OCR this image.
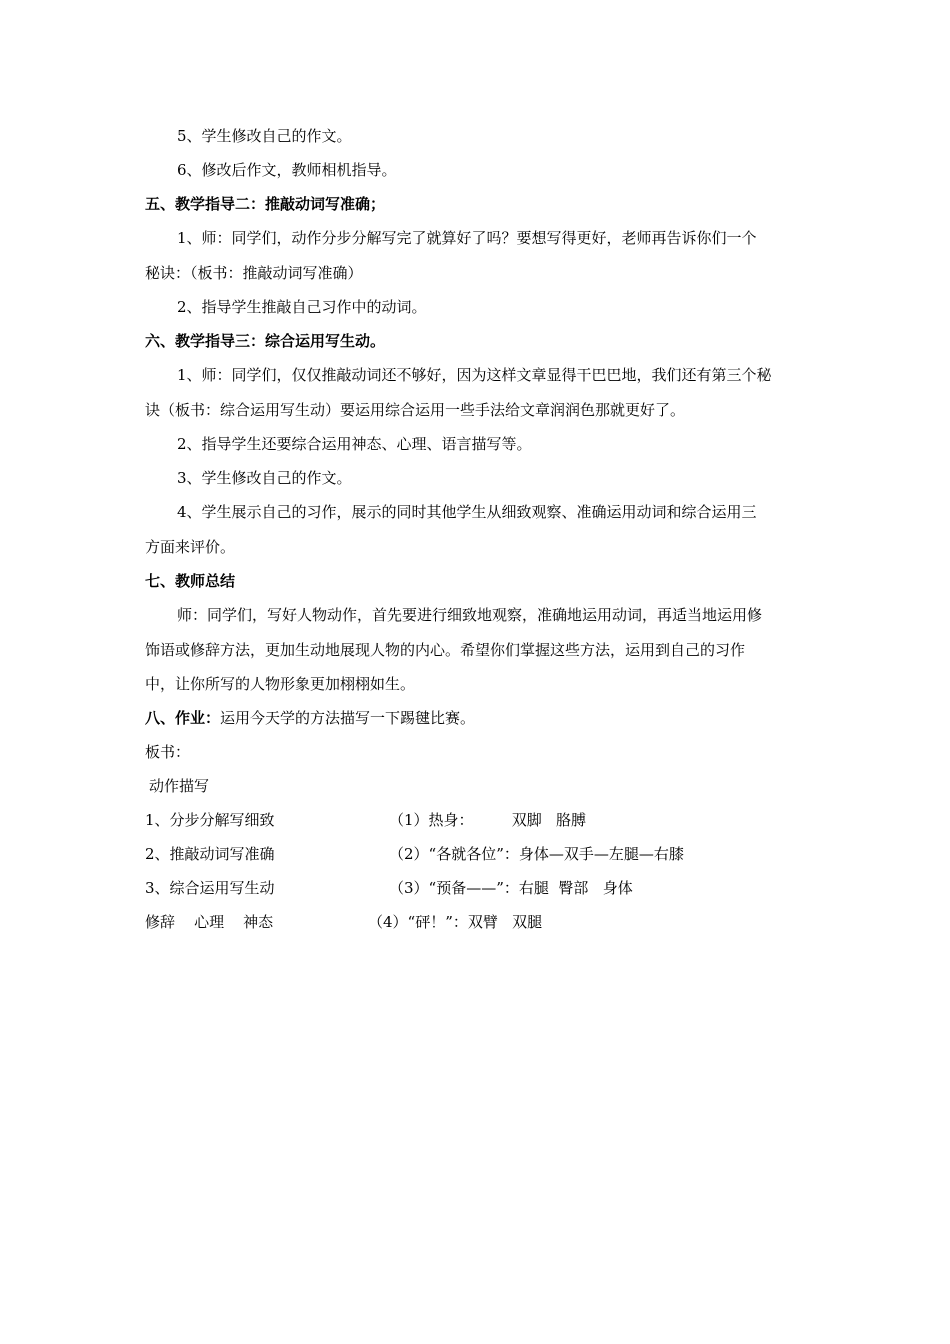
5、学生修改自己的作文。
6、修改后作文，教师相机指导。
五、教学指导二：推敲动词写准确；
1、师：同学们，动作分步分解写完了就算好了吗？要想写得更好，老师再告诉你们一个
秘诀：（板书：推敲动词写准确）
2、指导学生推敲自己习作中的动词。
六、教学指导三：综合运用写生动。
1、师：同学们，仅仅推敲动词还不够好，因为这样文章显得干巴巴地，我们还有第三个秘
诀（板书：综合运用写生动）要运用综合运用一些手法给文章润润色那就更好了。
2、指导学生还要综合运用神态、心理、语言描写等。
3、学生修改自己的作文。
4、学生展示自己的习作，展示的同时其他学生从细致观察、准确运用动词和综合运用三
方面来评价。
七、教师总结
师：同学们，写好人物动作，首先要进行细致地观察，准确地运用动词，再适当地运用修
饰语或修辞方法，更加生动地展现人物的内心。希望你们掌握这些方法，运用到自己的习作
中，让你所写的人物形象更加栩栩如生。
八、作业：运用今天学的方法描写一下踢毽比赛。
板书：
动作描写
1、分步分解写细致
2、推敲动词写准确
3、综合运用写生动
修辞    心理    神态
（1）热身：        双脚   胳膊
（2）“各就各位”：身体—双手—左腿—右膝
（3）“预备——”：右腿  臀部   身体
（4）“砰！”：双臂   双腿
